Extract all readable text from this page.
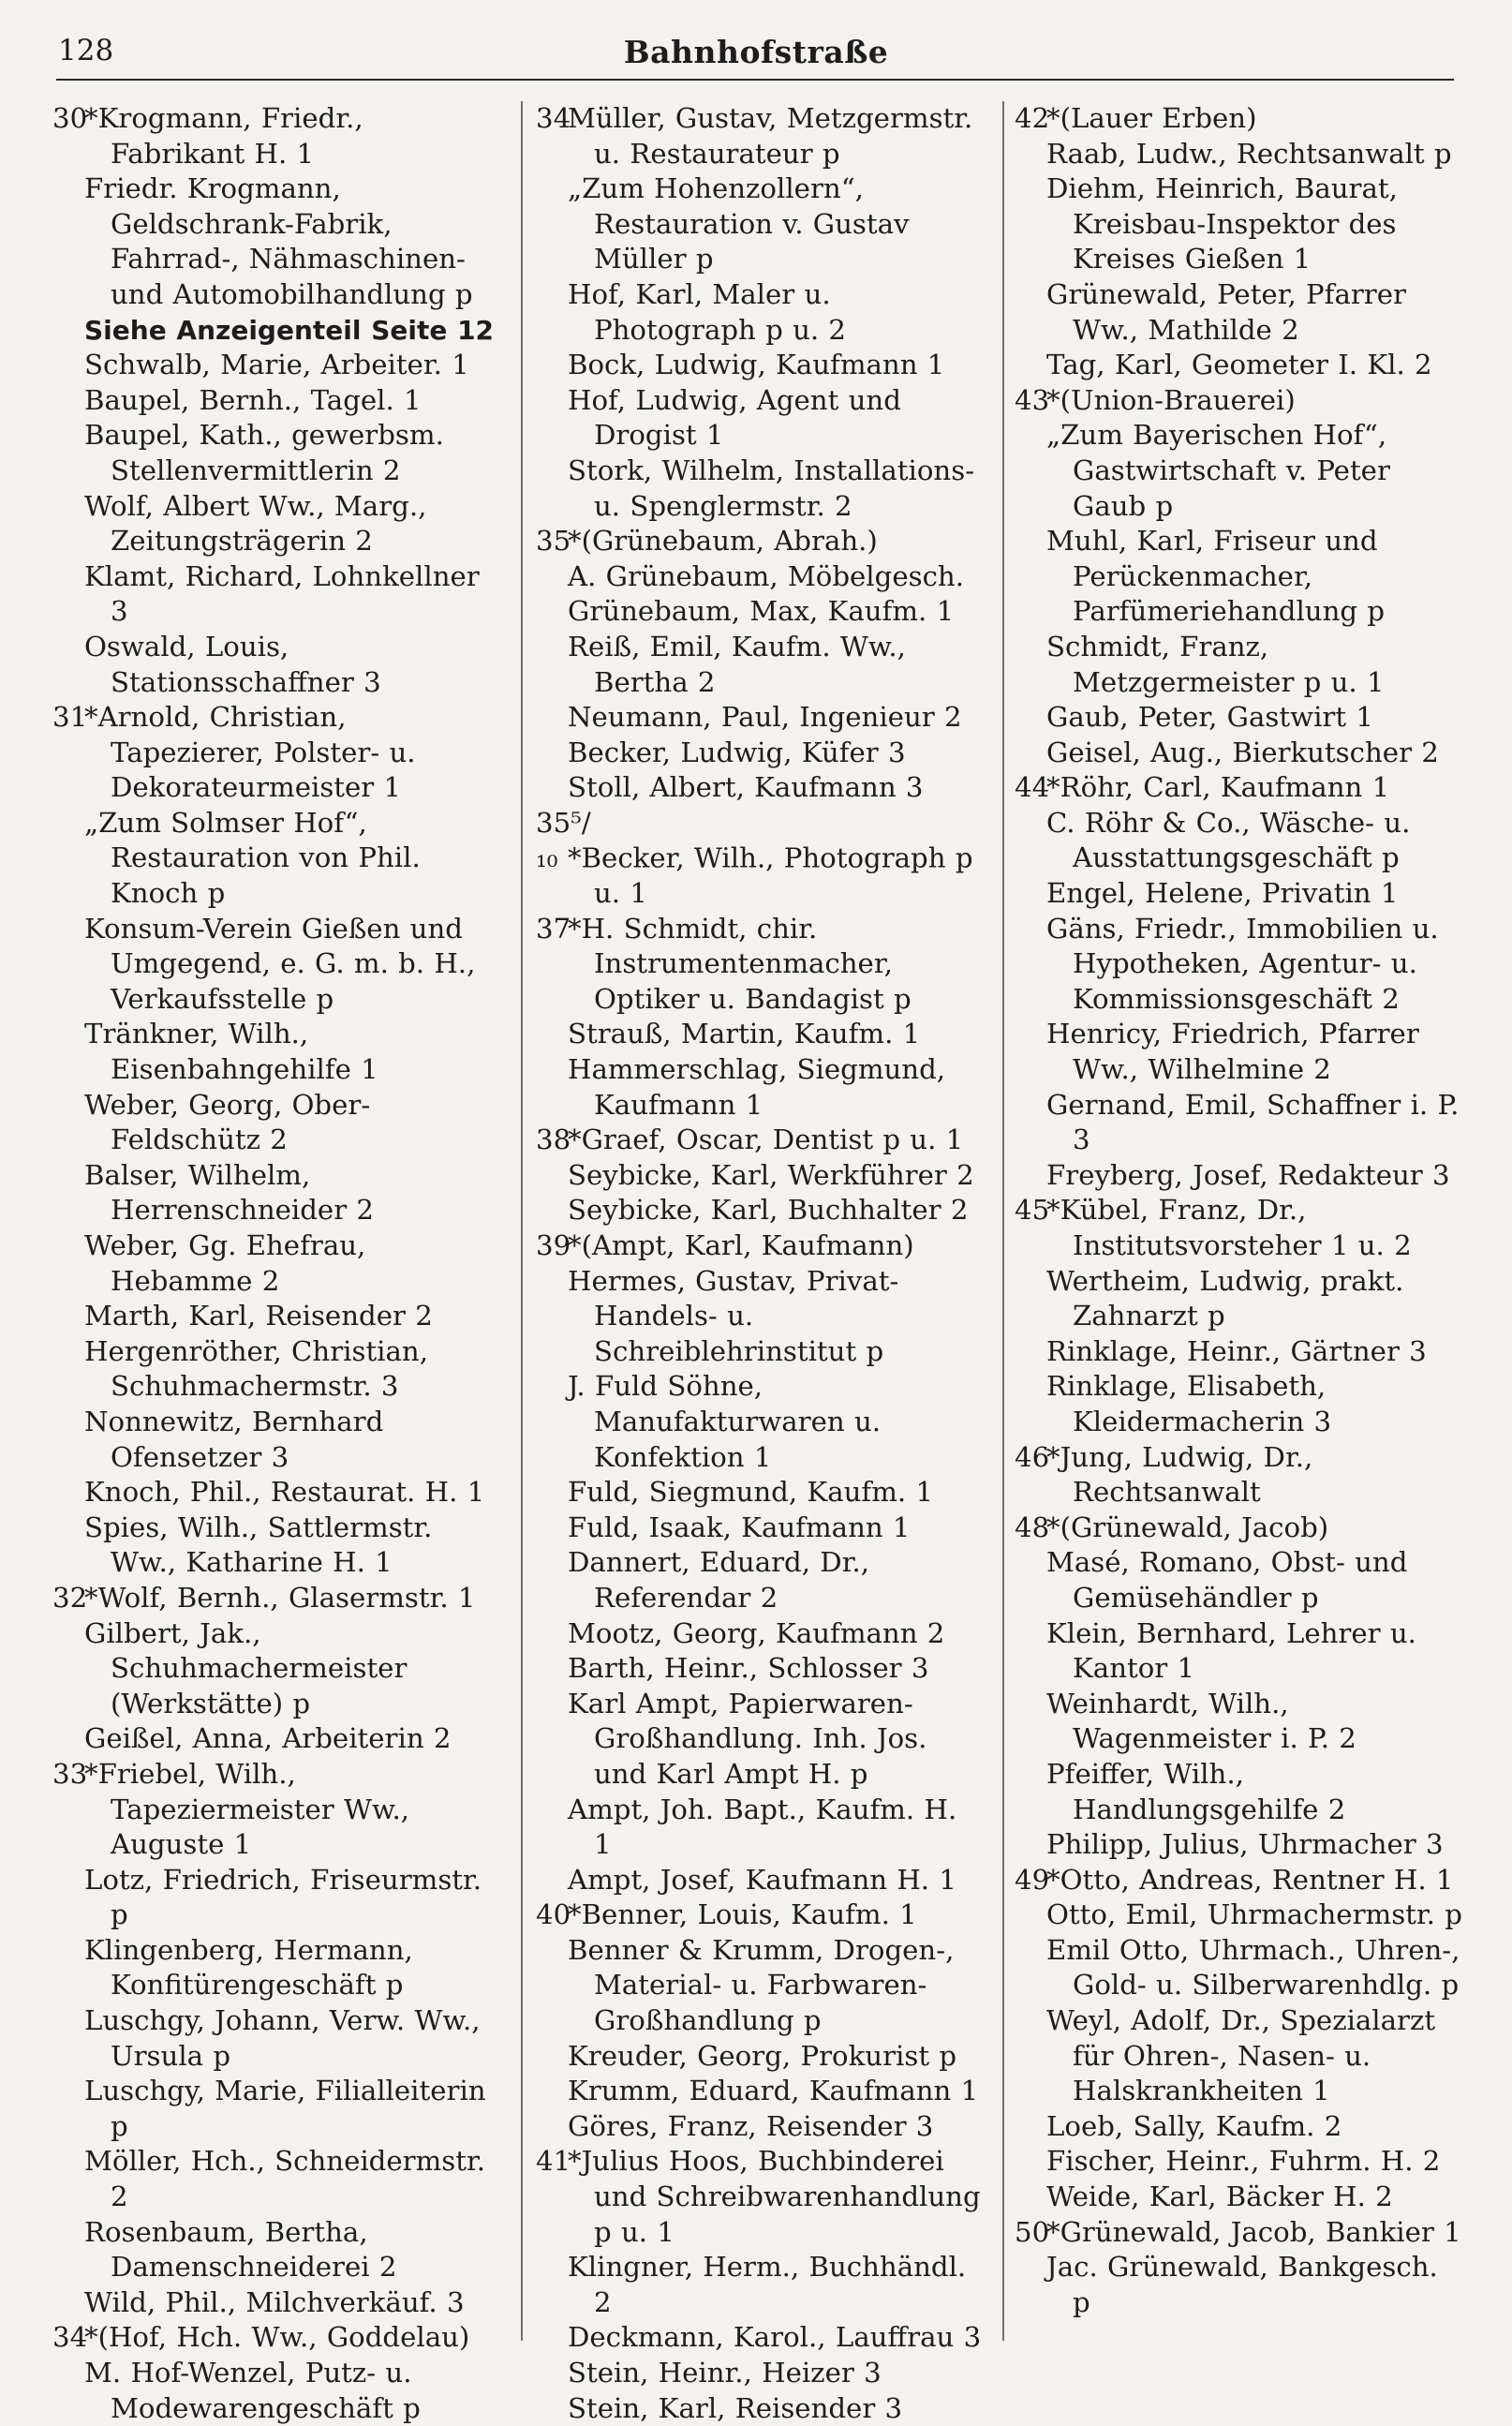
128	Bahnhofstraße
30*Krogmann, Friedr., Fabrikant H. 1
Friedr. Krogmann, Geldschrank-Fabrik, Fahrrad-, Nähmaschinen- und Automobilhandlung p
Siehe Anzeigenteil Seite 12
Schwalb, Marie, Arbeiter. 1
Baupel, Bernh., Tagel. 1
Baupel, Kath., gewerbsm. Stellenvermittlerin 2
Wolf, Albert Ww., Marg., Zeitungsträgerin 2
Klamt, Richard, Lohnkellner 3
Oswald, Louis, Stationsschaffner 3
31*Arnold, Christian, Tapezierer, Polster- u. Dekorateurmeister 1
„Zum Solmser Hof“, Restauration von Phil. Knoch p
Konsum-Verein Gießen und Umgegend, e. G. m. b. H., Verkaufsstelle p
Tränkner, Wilh., Eisenbahngehilfe 1
Weber, Georg, Ober-Feldschütz 2
Balser, Wilhelm, Herrenschneider 2
Weber, Gg. Ehefrau, Hebamme 2
Marth, Karl, Reisender 2
Hergenröther, Christian, Schuhmachermstr. 3
Nonnewitz, Bernhard Ofensetzer 3
Knoch, Phil., Restaurat. H. 1
Spies, Wilh., Sattlermstr. Ww., Katharine H. 1
32*Wolf, Bernh., Glasermstr. 1
Gilbert, Jak., Schuhmachermeister (Werkstätte) p
Geißel, Anna, Arbeiterin 2
33*Friebel, Wilh., Tapeziermeister Ww., Auguste 1
Lotz, Friedrich, Friseurmstr. p
Klingenberg, Hermann, Konfitürengeschäft p
Luschgy, Johann, Verw. Ww., Ursula p
Luschgy, Marie, Filialleiterin p
Möller, Hch., Schneidermstr. 2
Rosenbaum, Bertha, Damenschneiderei 2
Wild, Phil., Milchverkäuf. 3
34*(Hof, Hch. Ww., Goddelau)
M. Hof-Wenzel, Putz- u. Modewarengeschäft p
34Müller, Gustav, Metzgermstr. u. Restaurateur p
„Zum Hohenzollern“, Restauration v. Gustav Müller p
Hof, Karl, Maler u. Photograph p u. 2
Bock, Ludwig, Kaufmann 1
Hof, Ludwig, Agent und Drogist 1
Stork, Wilhelm, Installations- u. Spenglermstr. 2
35*(Grünebaum, Abrah.)
A. Grünebaum, Möbelgesch.
Grünebaum, Max, Kaufm. 1
Reiß, Emil, Kaufm. Ww., Bertha 2
Neumann, Paul, Ingenieur 2
Becker, Ludwig, Küfer 3
Stoll, Albert, Kaufmann 3
35⁵/₁₀ *Becker, Wilh., Photograph p u. 1
37*H. Schmidt, chir. Instrumentenmacher, Optiker u. Bandagist p
Strauß, Martin, Kaufm. 1
Hammerschlag, Siegmund, Kaufmann 1
38*Graef, Oscar, Dentist p u. 1
Seybicke, Karl, Werkführer 2
Seybicke, Karl, Buchhalter 2
39*(Ampt, Karl, Kaufmann)
Hermes, Gustav, Privat-Handels- u. Schreiblehrinstitut p
J. Fuld Söhne, Manufakturwaren u. Konfektion 1
Fuld, Siegmund, Kaufm. 1
Fuld, Isaak, Kaufmann 1
Dannert, Eduard, Dr., Referendar 2
Mootz, Georg, Kaufmann 2
Barth, Heinr., Schlosser 3
Karl Ampt, Papierwaren-Großhandlung. Inh. Jos. und Karl Ampt H. p
Ampt, Joh. Bapt., Kaufm. H. 1
Ampt, Josef, Kaufmann H. 1
40*Benner, Louis, Kaufm. 1
Benner & Krumm, Drogen-, Material- u. Farbwaren-Großhandlung p
Kreuder, Georg, Prokurist p
Krumm, Eduard, Kaufmann 1
Göres, Franz, Reisender 3
41*Julius Hoos, Buchbinderei und Schreibwarenhandlung p u. 1
Klingner, Herm., Buchhändl. 2
Deckmann, Karol., Lauffrau 3
Stein, Heinr., Heizer 3
Stein, Karl, Reisender 3
42*(Lauer Erben)
Raab, Ludw., Rechtsanwalt p
Diehm, Heinrich, Baurat, Kreisbau-Inspektor des Kreises Gießen 1
Grünewald, Peter, Pfarrer Ww., Mathilde 2
Tag, Karl, Geometer I. Kl. 2
43*(Union-Brauerei)
„Zum Bayerischen Hof“, Gastwirtschaft v. Peter Gaub p
Muhl, Karl, Friseur und Perückenmacher, Parfümeriehandlung p
Schmidt, Franz, Metzgermeister p u. 1
Gaub, Peter, Gastwirt 1
Geisel, Aug., Bierkutscher 2
44*Röhr, Carl, Kaufmann 1
C. Röhr & Co., Wäsche- u. Ausstattungsgeschäft p
Engel, Helene, Privatin 1
Gäns, Friedr., Immobilien u. Hypotheken, Agentur- u. Kommissionsgeschäft 2
Henricy, Friedrich, Pfarrer Ww., Wilhelmine 2
Gernand, Emil, Schaffner i. P. 3
Freyberg, Josef, Redakteur 3
45*Kübel, Franz, Dr., Institutsvorsteher 1 u. 2
Wertheim, Ludwig, prakt. Zahnarzt p
Rinklage, Heinr., Gärtner 3
Rinklage, Elisabeth, Kleidermacherin 3
46*Jung, Ludwig, Dr., Rechtsanwalt
48*(Grünewald, Jacob)
Masé, Romano, Obst- und Gemüsehändler p
Klein, Bernhard, Lehrer u. Kantor 1
Weinhardt, Wilh., Wagenmeister i. P. 2
Pfeiffer, Wilh., Handlungsgehilfe 2
Philipp, Julius, Uhrmacher 3
49*Otto, Andreas, Rentner H. 1
Otto, Emil, Uhrmachermstr. p
Emil Otto, Uhrmach., Uhren-, Gold- u. Silberwarenhdlg. p
Weyl, Adolf, Dr., Spezialarzt für Ohren-, Nasen- u. Halskrankheiten 1
Loeb, Sally, Kaufm. 2
Fischer, Heinr., Fuhrm. H. 2
Weide, Karl, Bäcker H. 2
50*Grünewald, Jacob, Bankier 1
Jac. Grünewald, Bankgesch. p
